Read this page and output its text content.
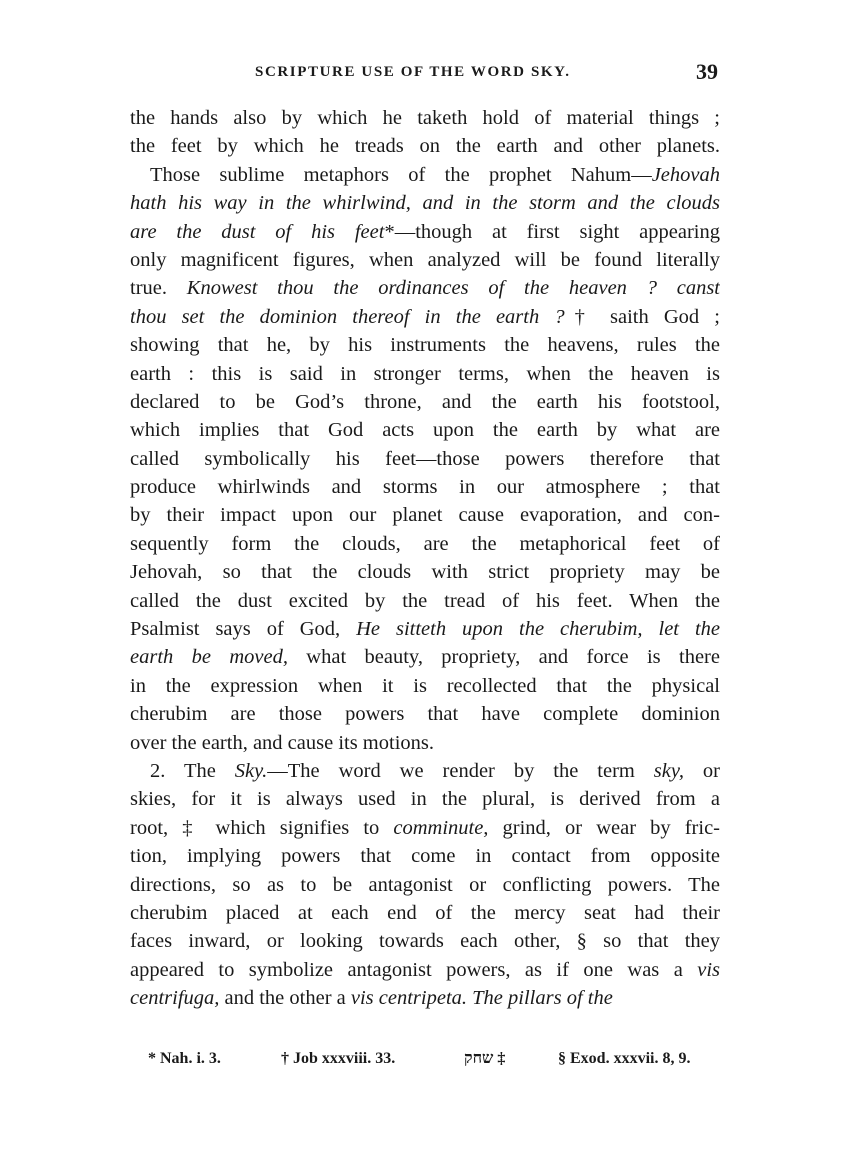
SCRIPTURE USE OF THE WORD SKY.	39
the hands also by which he taketh hold of material things ;
the feet by which he treads on the earth and other planets.
Those sublime metaphors of the prophet Nahum—Jehovah
hath his way in the whirlwind, and in the storm and the clouds
are the dust of his feet*—though at first sight appearing
only magnificent figures, when analyzed will be found literally
true. Knowest thou the ordinances of the heaven ? canst
thou set the dominion thereof in the earth ?† saith God ;
showing that he, by his instruments the heavens, rules the
earth : this is said in stronger terms, when the heaven is
declared to be God’s throne, and the earth his footstool,
which implies that God acts upon the earth by what are
called symbolically his feet—those powers therefore that
produce whirlwinds and storms in our atmosphere ; that
by their impact upon our planet cause evaporation, and con-
sequently form the clouds, are the metaphorical feet of
Jehovah, so that the clouds with strict propriety may be
called the dust excited by the tread of his feet. When the
Psalmist says of God, He sitteth upon the cherubim, let the
earth be moved, what beauty, propriety, and force is there
in the expression when it is recollected that the physical
cherubim are those powers that have complete dominion
over the earth, and cause its motions.
2. The Sky.—The word we render by the term sky, or
skies, for it is always used in the plural, is derived from a
root, ‡ which signifies to comminute, grind, or wear by fric-
tion, implying powers that come in contact from opposite
directions, so as to be antagonist or conflicting powers. The
cherubim placed at each end of the mercy seat had their
faces inward, or looking towards each other, § so that they
appeared to symbolize antagonist powers, as if one was a vis
centrifuga, and the other a vis centripeta. The pillars of the
* Nah. i. 3.	† Job xxxviii. 33.	‡ שחק	§ Exod. xxxvii. 8, 9.
